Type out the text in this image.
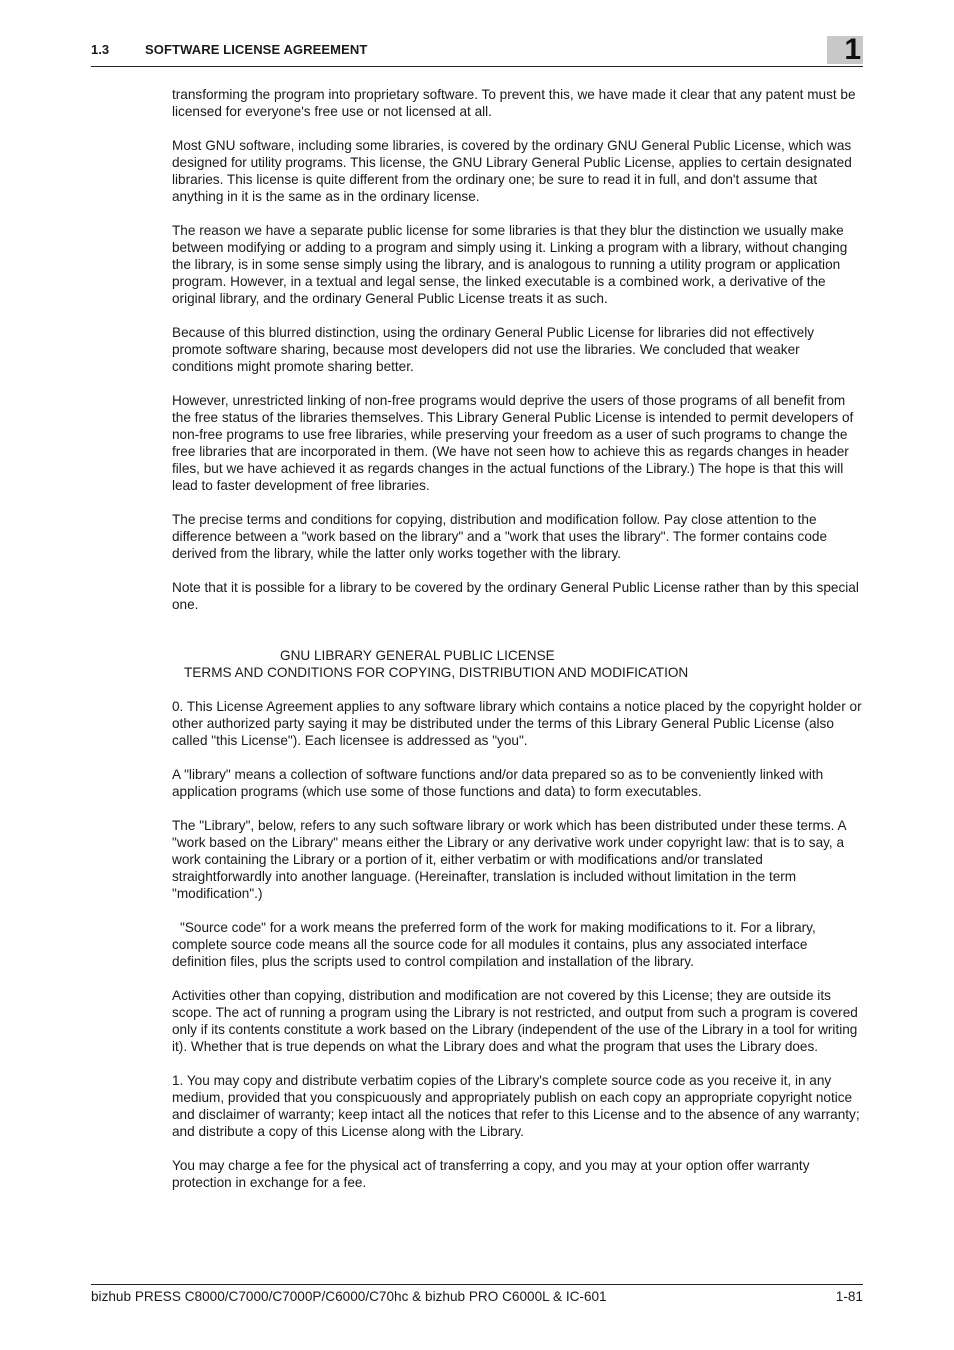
1.3	SOFTWARE LICENSE AGREEMENT	1

transforming the program into proprietary software. To prevent this, we have made it clear that any patent must be licensed for everyone's free use or not licensed at all.

Most GNU software, including some libraries, is covered by the ordinary GNU General Public License, which was designed for utility programs. This license, the GNU Library General Public License, applies to certain designated libraries. This license is quite different from the ordinary one; be sure to read it in full, and don't assume that anything in it is the same as in the ordinary license.

The reason we have a separate public license for some libraries is that they blur the distinction we usually make between modifying or adding to a program and simply using it. Linking a program with a library, without changing the library, is in some sense simply using the library, and is analogous to running a utility program or application program. However, in a textual and legal sense, the linked executable is a combined work, a derivative of the original library, and the ordinary General Public License treats it as such.

Because of this blurred distinction, using the ordinary General Public License for libraries did not effectively promote software sharing, because most developers did not use the libraries. We concluded that weaker conditions might promote sharing better.

However, unrestricted linking of non-free programs would deprive the users of those programs of all benefit from the free status of the libraries themselves. This Library General Public License is intended to permit developers of non-free programs to use free libraries, while preserving your freedom as a user of such programs to change the free libraries that are incorporated in them. (We have not seen how to achieve this as regards changes in header files, but we have achieved it as regards changes in the actual functions of the Library.) The hope is that this will lead to faster development of free libraries.

The precise terms and conditions for copying, distribution and modification follow. Pay close attention to the difference between a "work based on the library" and a "work that uses the library". The former contains code derived from the library, while the latter only works together with the library.

Note that it is possible for a library to be covered by the ordinary General Public License rather than by this special one.

GNU LIBRARY GENERAL PUBLIC LICENSE
TERMS AND CONDITIONS FOR COPYING, DISTRIBUTION AND MODIFICATION

0. This License Agreement applies to any software library which contains a notice placed by the copyright holder or other authorized party saying it may be distributed under the terms of this Library General Public License (also called "this License"). Each licensee is addressed as "you".

A "library" means a collection of software functions and/or data prepared so as to be conveniently linked with application programs (which use some of those functions and data) to form executables.

The "Library", below, refers to any such software library or work which has been distributed under these terms. A "work based on the Library" means either the Library or any derivative work under copyright law: that is to say, a work containing the Library or a portion of it, either verbatim or with modifications and/or translated straightforwardly into another language. (Hereinafter, translation is included without limitation in the term "modification".)

"Source code" for a work means the preferred form of the work for making modifications to it. For a library, complete source code means all the source code for all modules it contains, plus any associated interface definition files, plus the scripts used to control compilation and installation of the library.

Activities other than copying, distribution and modification are not covered by this License; they are outside its scope. The act of running a program using the Library is not restricted, and output from such a program is covered only if its contents constitute a work based on the Library (independent of the use of the Library in a tool for writing it). Whether that is true depends on what the Library does and what the program that uses the Library does.

1. You may copy and distribute verbatim copies of the Library's complete source code as you receive it, in any medium, provided that you conspicuously and appropriately publish on each copy an appropriate copyright notice and disclaimer of warranty; keep intact all the notices that refer to this License and to the absence of any warranty; and distribute a copy of this License along with the Library.

You may charge a fee for the physical act of transferring a copy, and you may at your option offer warranty protection in exchange for a fee.

bizhub PRESS C8000/C7000/C7000P/C6000/C70hc & bizhub PRO C6000L & IC-601	1-81
